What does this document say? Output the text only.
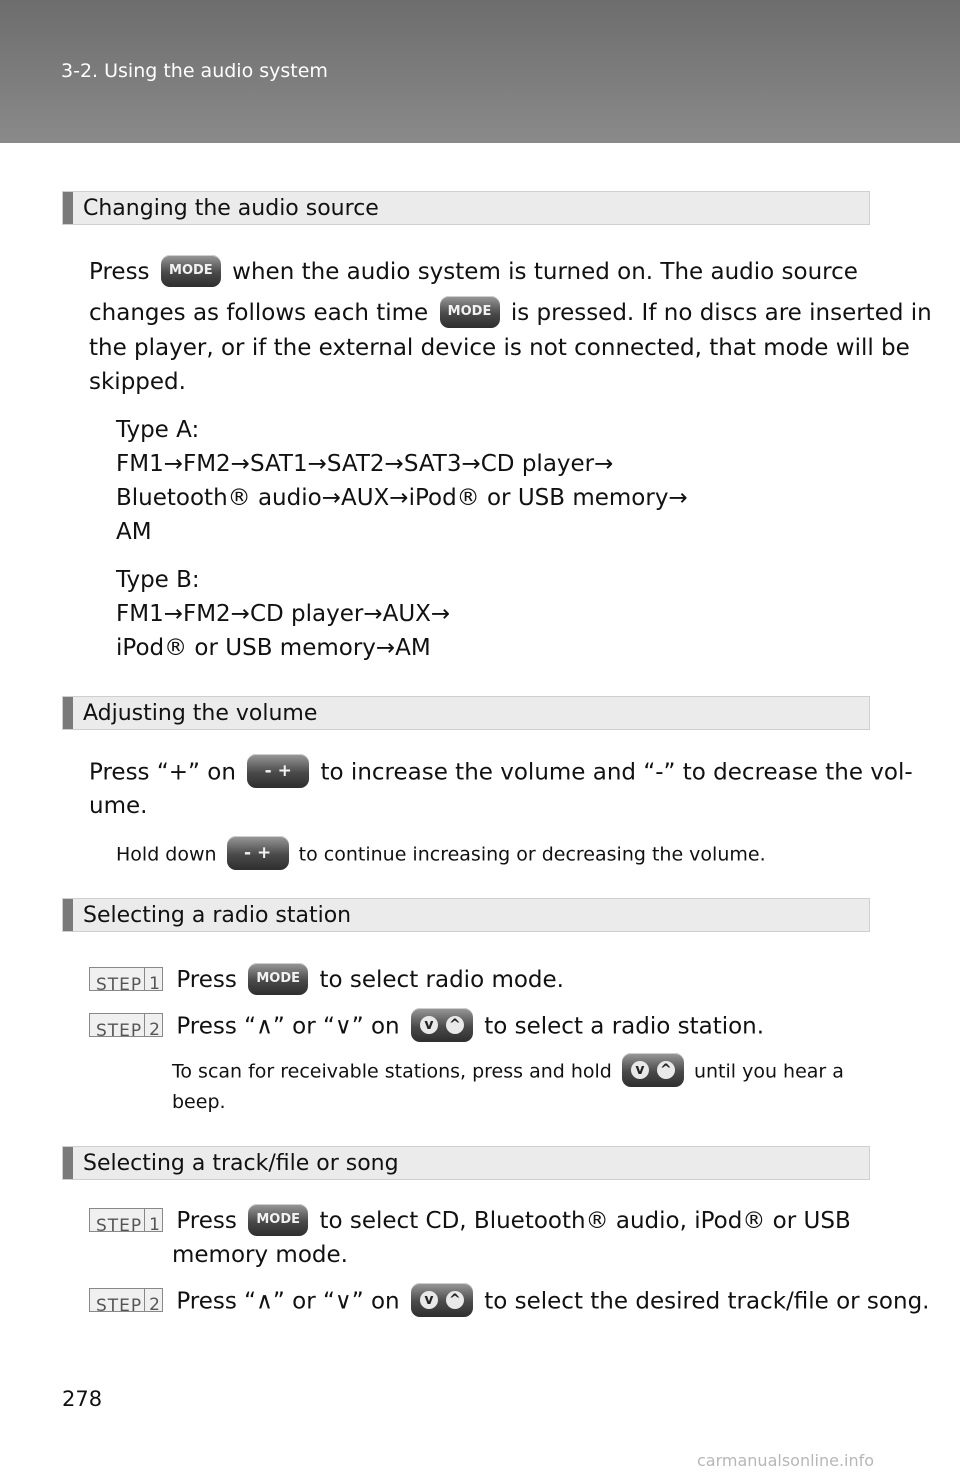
3-2. Using the audio system
Changing the audio source
Press MODE when the audio system is turned on. The audio source
changes as follows each time MODE is pressed. If no discs are inserted in
the player, or if the external device is not connected, that mode will be
skipped.
Type A:
FM1→FM2→SAT1→SAT2→SAT3→CD player→
Bluetooth® audio→AUX→iPod® or USB memory→
AM
Type B:
FM1→FM2→CD player→AUX→
iPod® or USB memory→AM
Adjusting the volume
Press “+” on - + to increase the volume and “-” to decrease the vol-
ume.
Hold down - + to continue increasing or decreasing the volume.
Selecting a radio station
STEP 1 Press MODE to select radio mode.
STEP 2 Press “∧” or “∨” on v ^ to select a radio station.
To scan for receivable stations, press and hold v ^ until you hear a
beep.
Selecting a track/file or song
STEP 1 Press MODE to select CD, Bluetooth® audio, iPod® or USB
memory mode.
STEP 2 Press “∧” or “∨” on v ^ to select the desired track/file or song.
278
carmanualsonline.info
